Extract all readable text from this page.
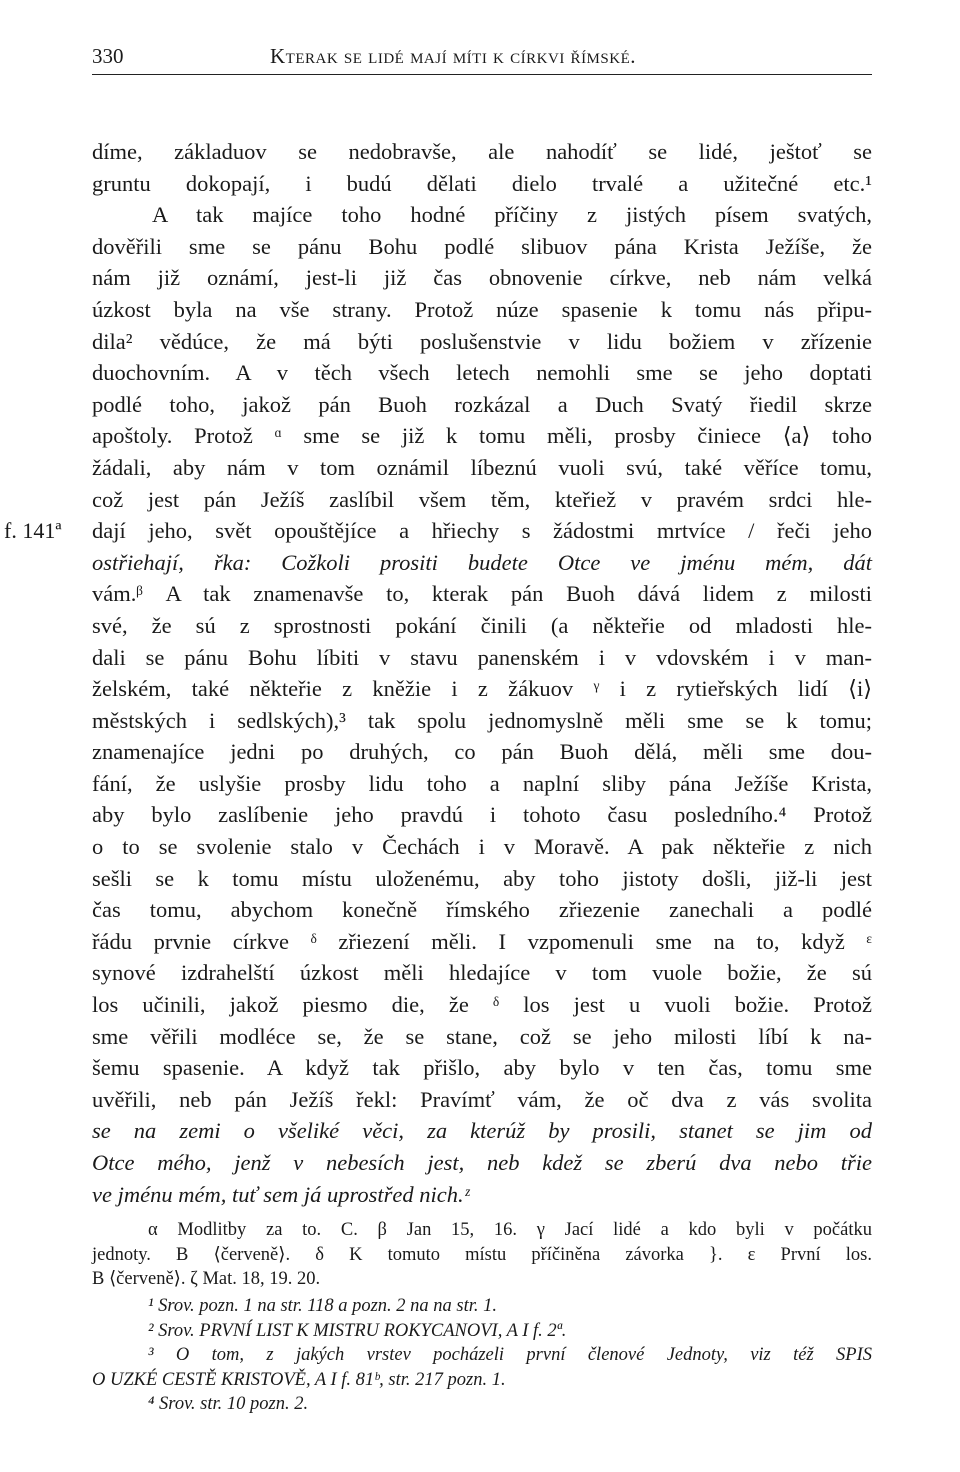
330	Kterak se lidé mají míti k církvi římské.
díme, základuov se nedobravše, ale nahodíť se lidé, ještoť se
gruntu dokopají, i budú dělati dielo trvalé a užitečné etc.¹
A tak majíce toho hodné příčiny z jistých písem svatých,
dověřili sme se pánu Bohu podlé slibuov pána Krista Ježíše, že
nám již oznámí, jest-li již čas obnovenie církve, neb nám velká
úzkost byla na vše strany. Protož núze spasenie k tomu nás připu-
dila² vědúce, že má býti poslušenstvie v lidu božiem v zřízenie
duochovním. A v těch všech letech nemohli sme se jeho doptati
podlé toho, jakož pán Buoh rozkázal a Duch Svatý řiedil skrze
apoštoly. Protož ᵅ sme se již k tomu měli, prosby činiece ⟨a⟩ toho
žádali, aby nám v tom oznámil líbeznú vuoli svú, také věříce tomu,
což jest pán Ježíš zaslíbil všem těm, kteřiež v pravém srdci hle-
f. 141ª dají jeho, svět opouštějíce a hřiechy s žádostmi mrtvíce / řeči jeho
ostřiehají, řka: Cožkoli prositi budete Otce ve jménu mém, dát
vám.ᵝ A tak znamenavše to, kterak pán Buoh dává lidem z milosti
své, že sú z sprostnosti pokání činili (a někteřie od mladosti hle-
dali se pánu Bohu líbiti v stavu panenském i v vdovském i v man-
želském, také někteřie z kněžie i z žákuov ᵞ i z rytieřských lidí ⟨i⟩
městských i sedlských),³ tak spolu jednomyslně měli sme se k tomu;
znamenajíce jedni po druhých, co pán Buoh dělá, měli sme dou-
fání, že uslyšie prosby lidu toho a naplní sliby pána Ježíše Krista,
aby bylo zaslíbenie jeho pravdú i tohoto času posledního.⁴ Protož
o to se svolenie stalo v Čechách i v Moravě. A pak někteřie z nich
sešli se k tomu místu uloženému, aby toho jistoty došli, již-li jest
čas tomu, abychom konečně římského zřiezenie zanechali a podlé
řádu prvnie církve ᵟ zřiezení měli. I vzpomenuli sme na to, když ᵋ
synové izdrahelští úzkost měli hledajíce v tom vuole božie, že sú
los učinili, jakož piesmo die, že ᵟ los jest u vuoli božie. Protož
sme věřili modléce se, že se stane, což se jeho milosti líbí k na-
šemu spasenie. A když tak přišlo, aby bylo v ten čas, tomu sme
uvěřili, neb pán Ježíš řekl: Pravímť vám, že oč dva z vás svolita
se na zemi o všeliké věci, za kterúž by prosili, stanet se jim od
Otce mého, jenž v nebesích jest, neb kdež se zberú dva nebo třie
ve jménu mém, tuť sem já uprostřed nich.ᶻ
α Modlitby za to. C. β Jan 15, 16. γ Jací lidé a kdo byli v počátku
jednoty. B ⟨červeně⟩. δ K tomuto místu příčiněna závorka }. ε První los.
B ⟨červeně⟩. ζ Mat. 18, 19. 20.
¹ Srov. pozn. 1 na str. 118 a pozn. 2 na na str. 1.
² Srov. PRVNÍ LIST K MISTRU ROKYCANOVI, A I f. 2ª.
³ O tom, z jakých vrstev pocházeli první členové Jednoty, viz též SPIS
O UZKÉ CESTĚ KRISTOVĚ, A I f. 81ᵇ, str. 217 pozn. 1.
⁴ Srov. str. 10 pozn. 2.
